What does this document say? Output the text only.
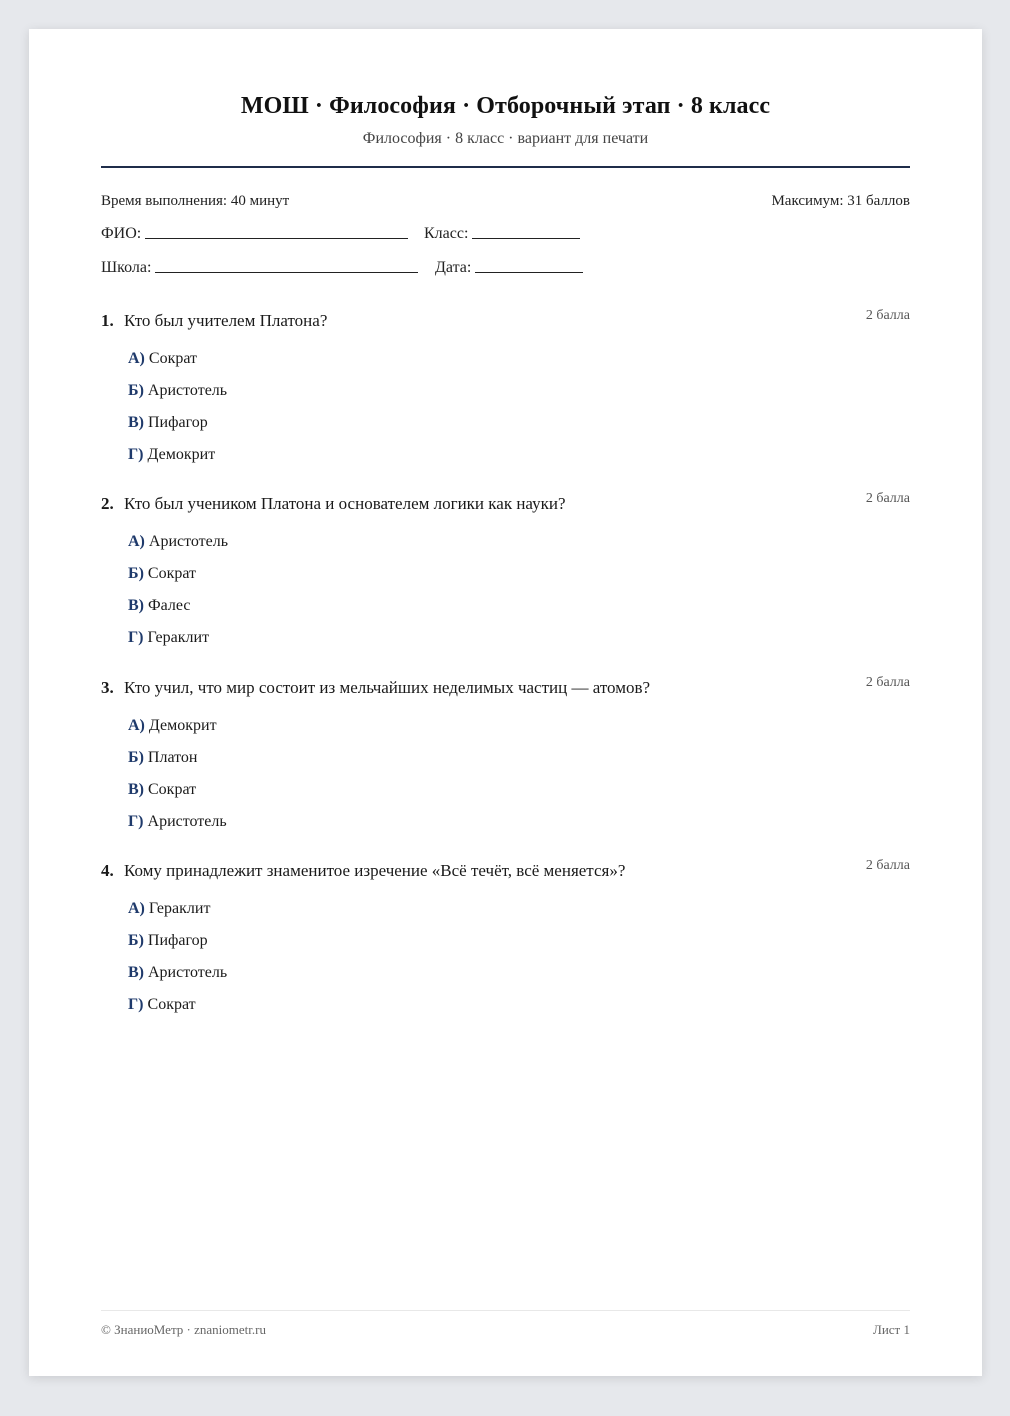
МОШ · Философия · Отборочный этап · 8 класс
Философия · 8 класс · вариант для печати
Время выполнения: 40 минут	Максимум: 31 баллов
ФИО:	Класс:
Школа:	Дата:
1. Кто был учителем Платона?	2 балла
А) Сократ
Б) Аристотель
В) Пифагор
Г) Демокрит
2. Кто был учеником Платона и основателем логики как науки?	2 балла
А) Аристотель
Б) Сократ
В) Фалес
Г) Гераклит
3. Кто учил, что мир состоит из мельчайших неделимых частиц — атомов?	2 балла
А) Демокрит
Б) Платон
В) Сократ
Г) Аристотель
4. Кому принадлежит знаменитое изречение «Всё течёт, всё меняется»?	2 балла
А) Гераклит
Б) Пифагор
В) Аристотель
Г) Сократ
© ЗнаниоМетр · znaniometr.ru	Лист 1
